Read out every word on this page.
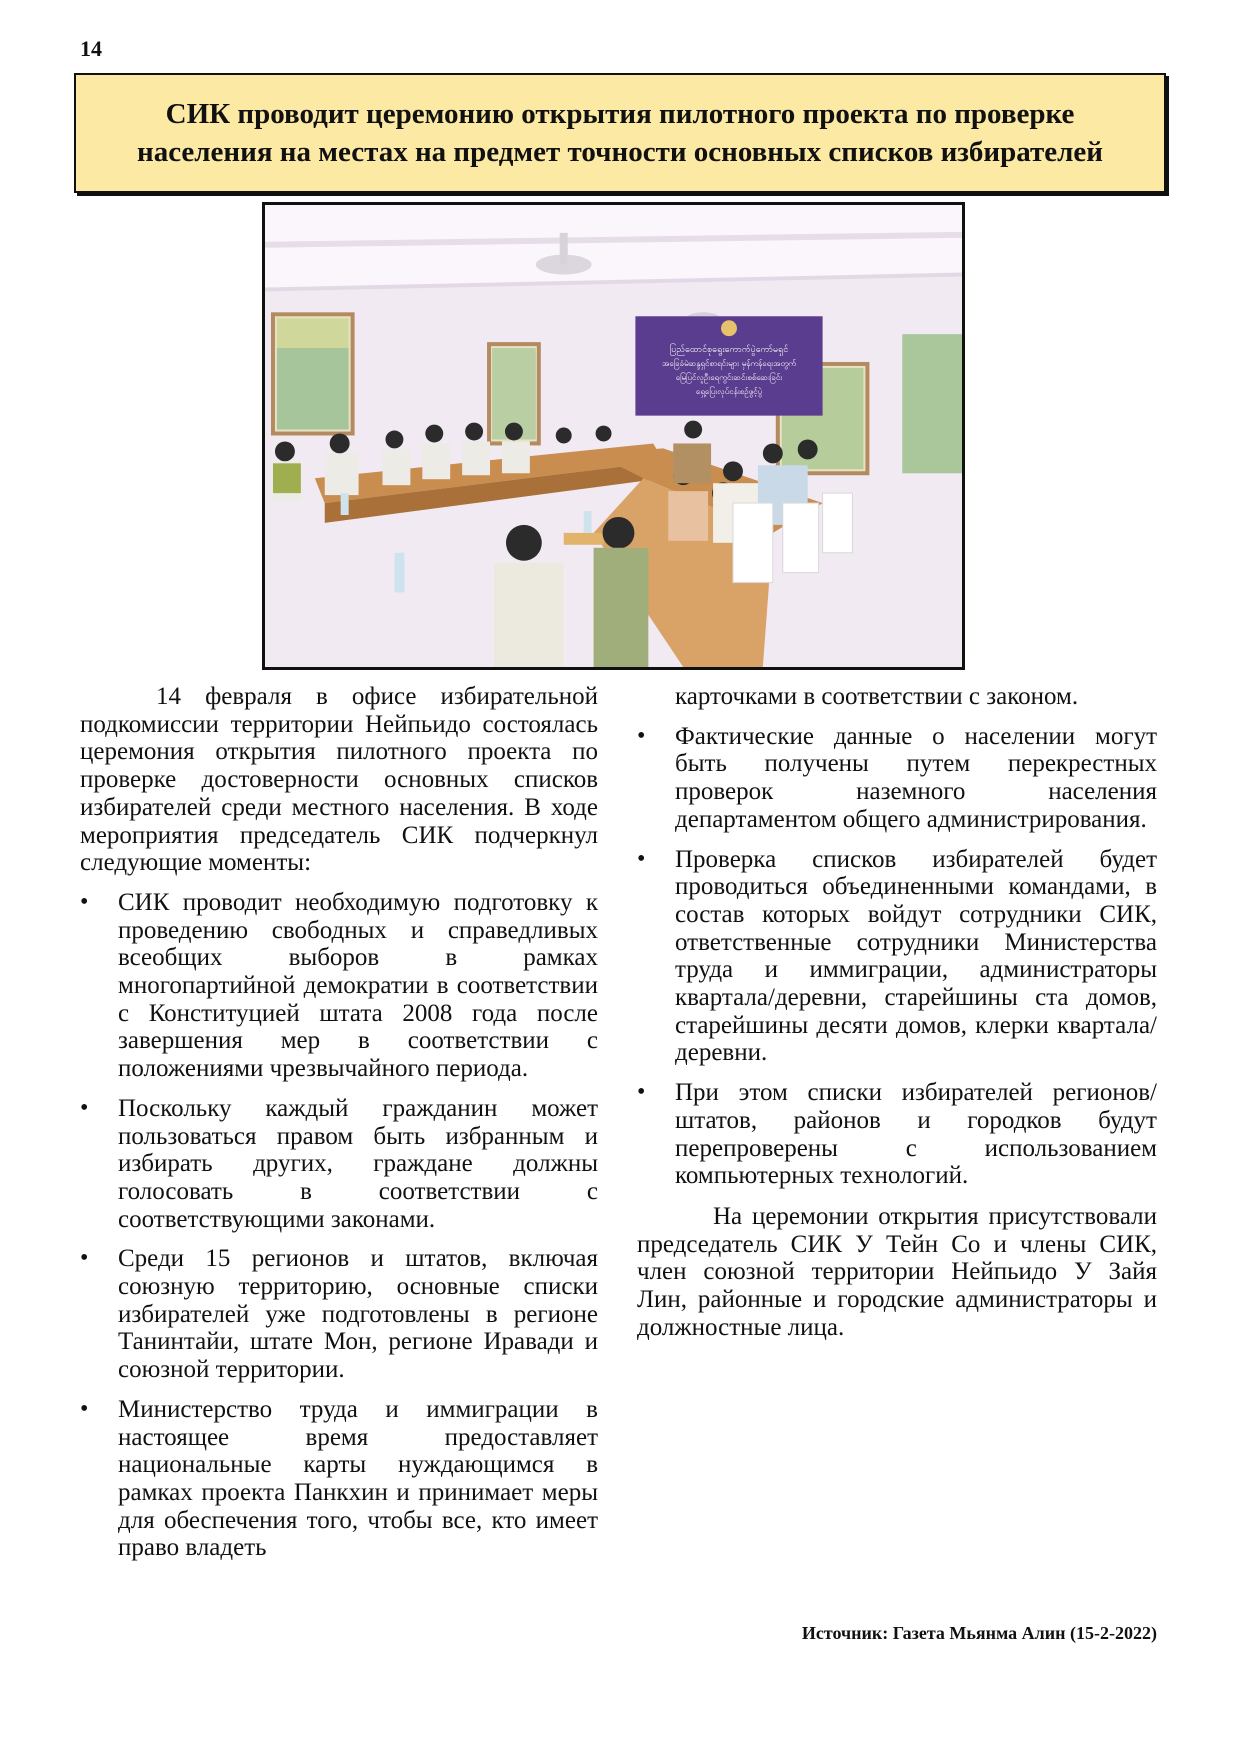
14
СИК проводит церемонию открытия пилотного проекта по проверке населения на местах на предмет точности основных списков избирателей
ပြည်ထောင်စုရွေးကောက်ပွဲကော်မရှင်
အခြေခံမဲဆန္ဒရှင်စာရင်းများ မှန်ကန်ရေးအတွက်
မြေပြင်လူဦးရေကွင်းဆင်းစစ်ဆေးခြင်း
ရှေ့ပြေးလုပ်ငန်းစဉ်ဖွင့်ပွဲ

14 февраля в офисе избирательной подкомиссии территории Нейпьидо состоялась церемония открытия пилотного проекта по проверке достоверности основных списков избирателей среди местного населения. В ходе мероприятия председатель СИК подчеркнул следующие моменты:

• СИК проводит необходимую подготовку к проведению свободных и справедливых всеобщих выборов в рамках многопартийной демократии в соответствии с Конституцией штата 2008 года после завершения мер в соответствии с положениями чрезвычайного периода.

• Поскольку каждый гражданин может пользоваться правом быть избранным и избирать других, граждане должны голосовать в соответствии с соответствующими законами.

• Среди 15 регионов и штатов, включая союзную территорию, основные списки избирателей уже подготовлены в регионе Танинтайи, штате Мон, регионе Иравади и союзной территории.

• Министерство труда и иммиграции в настоящее время предоставляет национальные карты нуждающимся в рамках проекта Панкхин и принимает меры для обеспечения того, чтобы все, кто имеет право владеть

карточками в соответствии с законом.

• Фактические данные о населении могут быть получены путем перекрестных проверок наземного населения департаментом общего администрирования.

• Проверка списков избирателей будет проводиться объединенными командами, в состав которых войдут сотрудники СИК, ответственные сотрудники Министерства труда и иммиграции, администраторы квартала/деревни, старейшины ста домов, старейшины десяти домов, клерки квартала/деревни.

• При этом списки избирателей регионов/штатов, районов и городков будут перепроверены с использованием компьютерных технологий.

На церемонии открытия присутствовали председатель СИК У Тейн Со и члены СИК, член союзной территории Нейпьидо У Зайя Лин, районные и городские администраторы и должностные лица.

Источник: Газета Мьянма Алин (15-2-2022)
